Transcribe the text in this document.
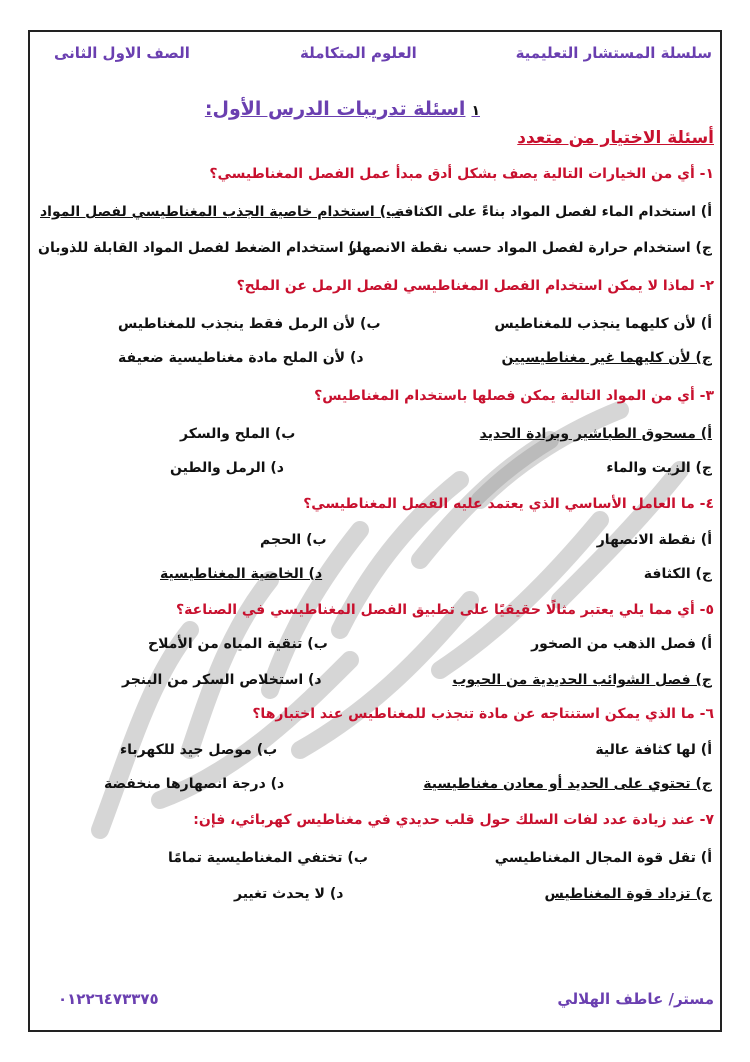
سلسلة المستشار التعليمية
العلوم المتكاملة
الصف الاول الثانى
١اسئلة تدريبات الدرس الأول:
أسئلة الاختيار من متعدد
١- أي من الخيارات التالية يصف بشكل أدق مبدأ عمل الفصل المغناطيسي؟
أ) استخدام الماء لفصل المواد بناءً على الكثافة.
ب) استخدام خاصية الجذب المغناطيسي لفصل المواد
ج) استخدام حرارة لفصل المواد حسب نقطة الانصهار
د) استخدام الضغط لفصل المواد القابلة للذوبان
٢- لماذا لا يمكن استخدام الفصل المغناطيسي لفصل الرمل عن الملح؟
أ) لأن كليهما ينجذب للمغناطيس
ب) لأن الرمل فقط ينجذب للمغناطيس
ج) لأن كليهما غير مغناطيسيين
د) لأن الملح مادة مغناطيسية ضعيفة
٣- أي من المواد التالية يمكن فصلها باستخدام المغناطيس؟
أ) مسحوق الطباشير وبرادة الحديد
ب) الملح والسكر
ج) الزيت والماء
د) الرمل والطين
٤- ما العامل الأساسي الذي يعتمد عليه الفصل المغناطيسي؟
أ) نقطة الانصهار
ب) الحجم
ج) الكثافة
د) الخاصية المغناطيسية
٥- أي مما يلي يعتبر مثالًا حقيقيًا على تطبيق الفصل المغناطيسي في الصناعة؟
أ) فصل الذهب من الصخور
ب) تنقية المياه من الأملاح
ج) فصل الشوائب الحديدية من الحبوب
د) استخلاص السكر من البنجر
٦- ما الذي يمكن استنتاجه عن مادة تنجذب للمغناطيس عند اختبارها؟
أ) لها كثافة عالية
ب) موصل جيد للكهرباء
ج) تحتوي على الحديد أو معادن مغناطيسية
د) درجة انصهارها منخفضة
٧- عند زيادة عدد لفات السلك حول قلب حديدي في مغناطيس كهربائي، فإن:
أ) تقل قوة المجال المغناطيسي
ب) تختفي المغناطيسية تمامًا
ج) تزداد قوة المغناطيس
د) لا يحدث تغيير
مستر/ عاطف الهلالي
٠١٢٢٦٤٧٣٣٧٥
